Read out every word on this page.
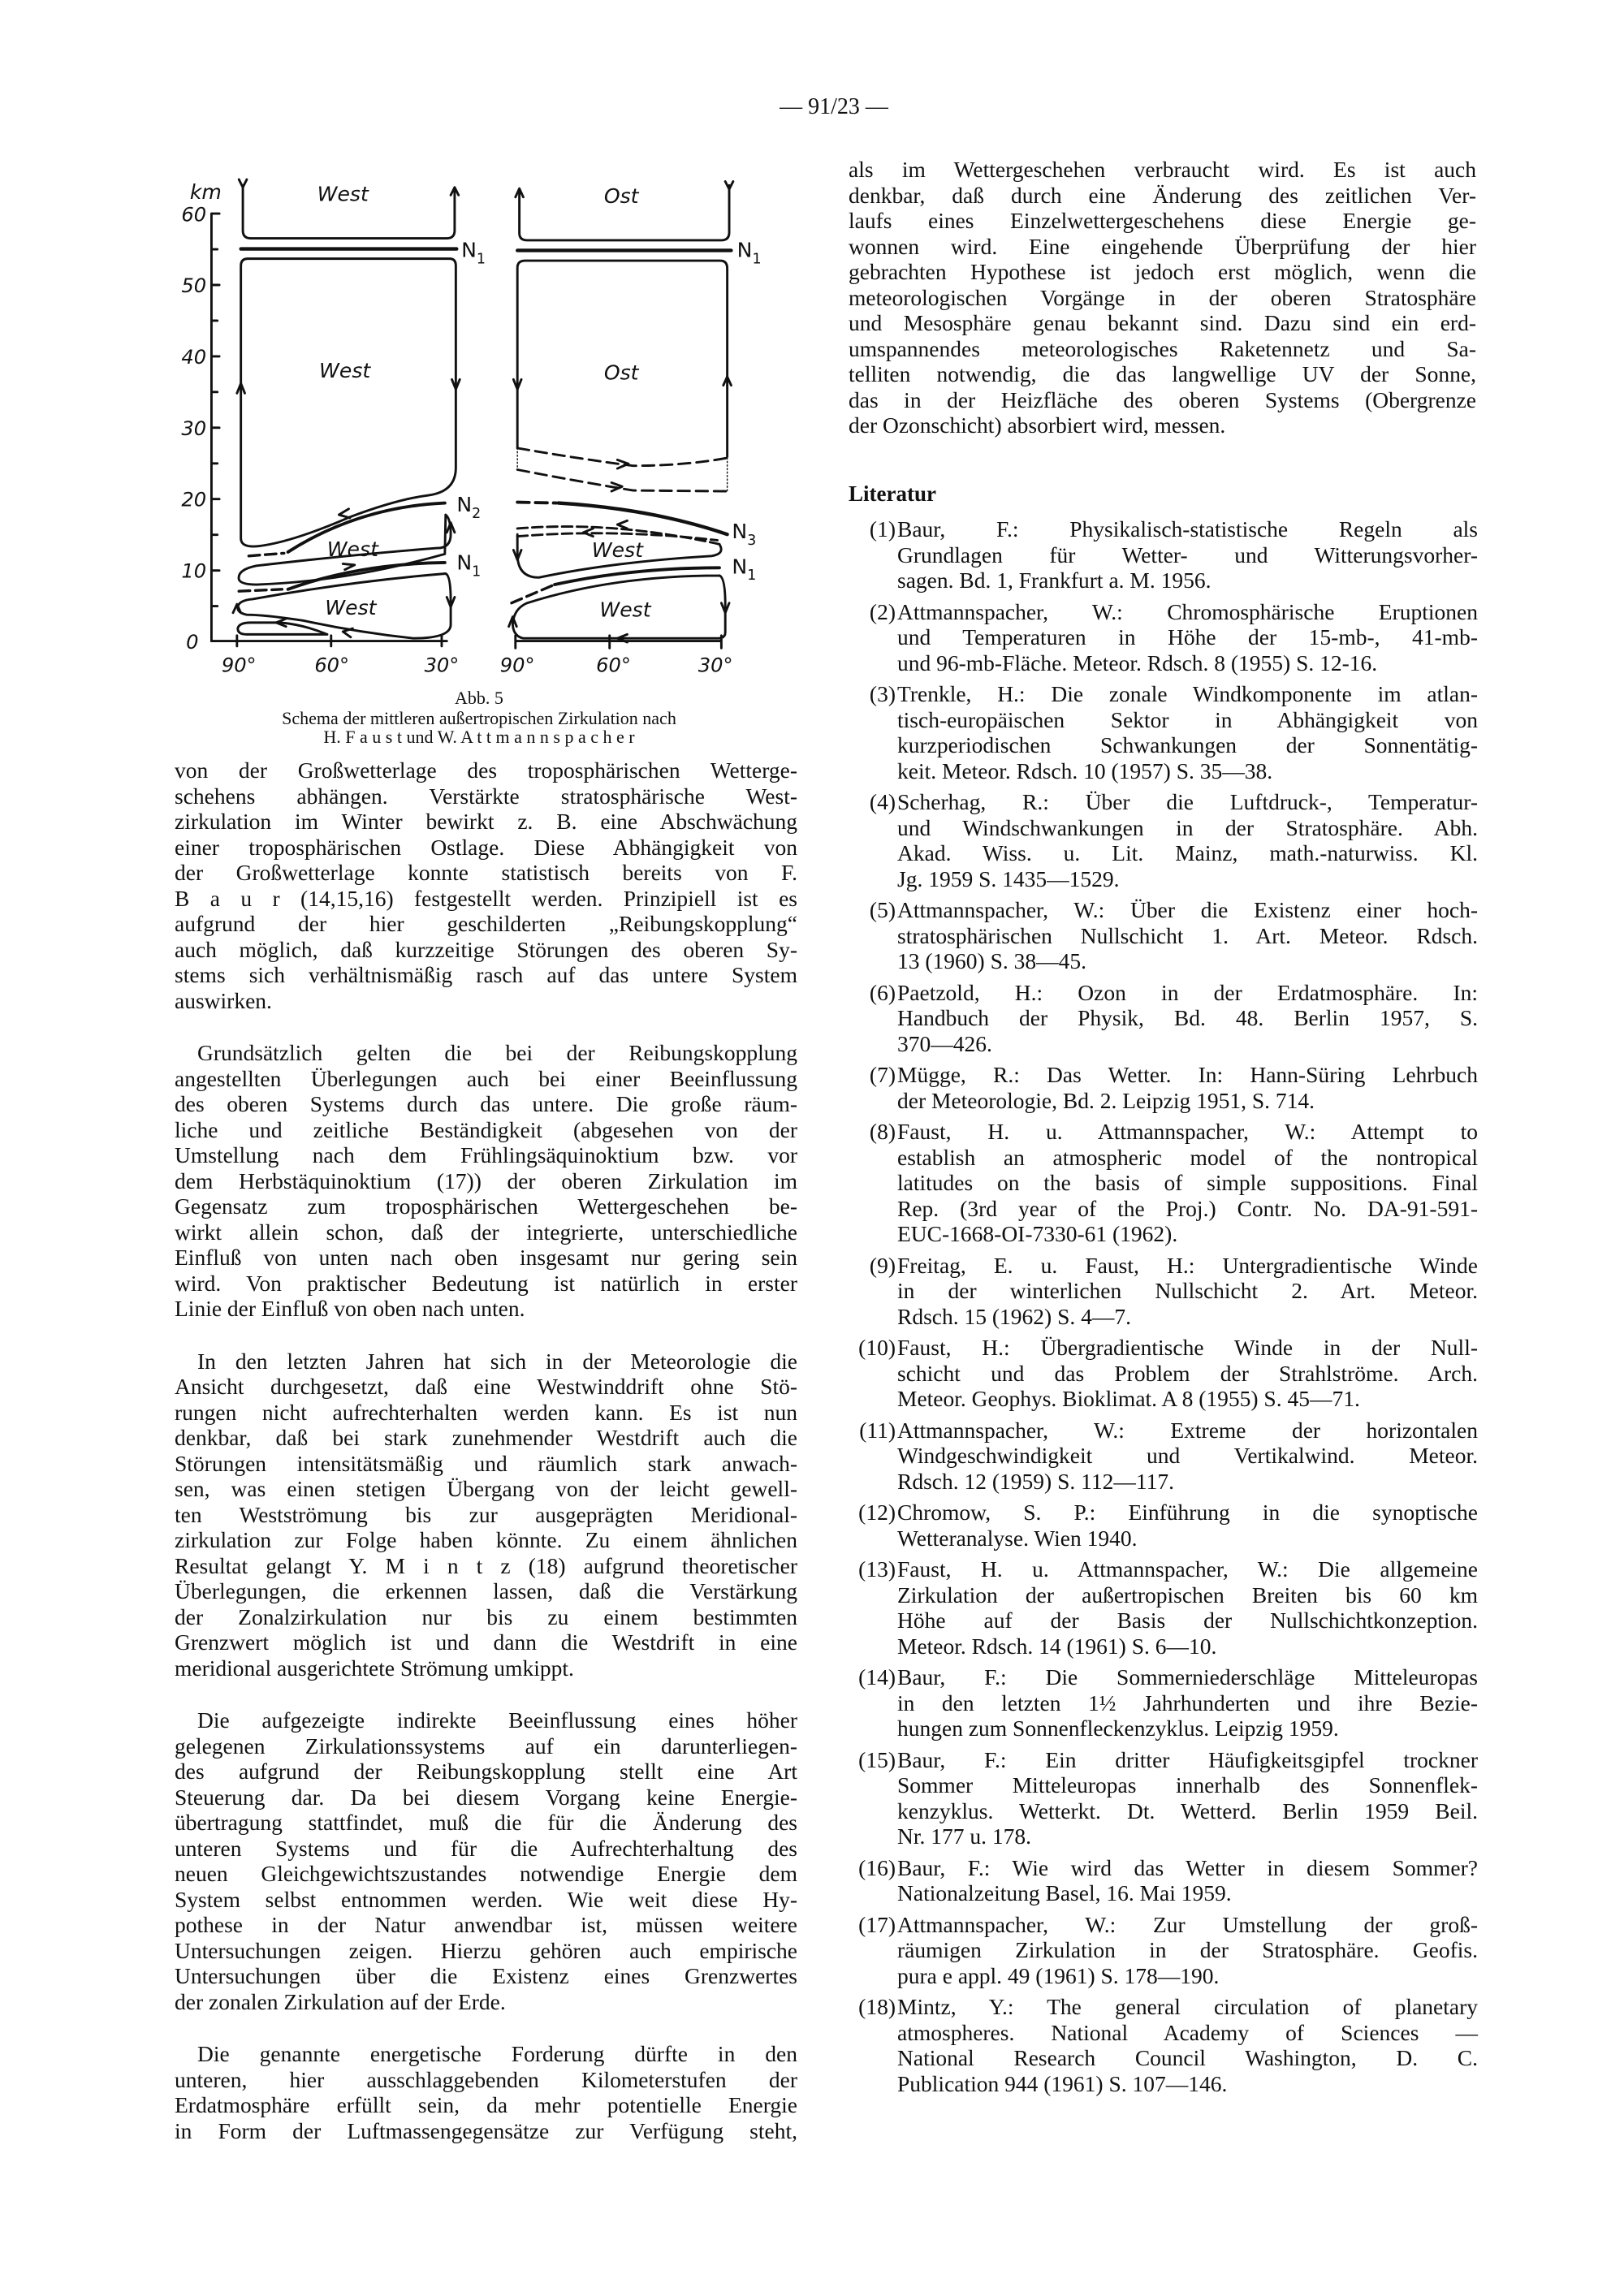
— 91/23 —
km
60
50
40
30
20
10
0
90° 60° 30° 90° 60° 30°
West
West
West
West
Ost
Ost
West
West
$N_1$	$N_1$
$N_2$
$N_1$
$N_3$
$N_1$
Abb. 5
Schema der mittleren außertropischen Zirkulation nach
H. F a u s t und W. A t t m a n n s p a c h e r
von der Großwetterlage des troposphärischen Wetterge-
schehens abhängen. Verstärkte stratosphärische West-
zirkulation im Winter bewirkt z. B. eine Abschwächung
einer troposphärischen Ostlage. Diese Abhängigkeit von
der Großwetterlage konnte statistisch bereits von F.
B a u r (14,15,16) festgestellt werden. Prinzipiell ist es
aufgrund der hier geschilderten „Reibungskopplung“
auch möglich, daß kurzzeitige Störungen des oberen Sy-
stems sich verhältnismäßig rasch auf das untere System
auswirken.
Grundsätzlich gelten die bei der Reibungskopplung
angestellten Überlegungen auch bei einer Beeinflussung
des oberen Systems durch das untere. Die große räum-
liche und zeitliche Beständigkeit (abgesehen von der
Umstellung nach dem Frühlingsäquinoktium bzw. vor
dem Herbstäquinoktium (17)) der oberen Zirkulation im
Gegensatz zum troposphärischen Wettergeschehen be-
wirkt allein schon, daß der integrierte, unterschiedliche
Einfluß von unten nach oben insgesamt nur gering sein
wird. Von praktischer Bedeutung ist natürlich in erster
Linie der Einfluß von oben nach unten.
In den letzten Jahren hat sich in der Meteorologie die
Ansicht durchgesetzt, daß eine Westwinddrift ohne Stö-
rungen nicht aufrechterhalten werden kann. Es ist nun
denkbar, daß bei stark zunehmender Westdrift auch die
Störungen intensitätsmäßig und räumlich stark anwach-
sen, was einen stetigen Übergang von der leicht gewell-
ten Westströmung bis zur ausgeprägten Meridional-
zirkulation zur Folge haben könnte. Zu einem ähnlichen
Resultat gelangt Y. M i n t z (18) aufgrund theoretischer
Überlegungen, die erkennen lassen, daß die Verstärkung
der Zonalzirkulation nur bis zu einem bestimmten
Grenzwert möglich ist und dann die Westdrift in eine
meridional ausgerichtete Strömung umkippt.
Die aufgezeigte indirekte Beeinflussung eines höher
gelegenen Zirkulationssystems auf ein darunterliegen-
des aufgrund der Reibungskopplung stellt eine Art
Steuerung dar. Da bei diesem Vorgang keine Energie-
übertragung stattfindet, muß die für die Änderung des
unteren Systems und für die Aufrechterhaltung des
neuen Gleichgewichtszustandes notwendige Energie dem
System selbst entnommen werden. Wie weit diese Hy-
pothese in der Natur anwendbar ist, müssen weitere
Untersuchungen zeigen. Hierzu gehören auch empirische
Untersuchungen über die Existenz eines Grenzwertes
der zonalen Zirkulation auf der Erde.
Die genannte energetische Forderung dürfte in den
unteren, hier ausschlaggebenden Kilometerstufen der
Erdatmosphäre erfüllt sein, da mehr potentielle Energie
in Form der Luftmassengegensätze zur Verfügung steht,
als im Wettergeschehen verbraucht wird. Es ist auch
denkbar, daß durch eine Änderung des zeitlichen Ver-
laufs eines Einzelwettergeschehens diese Energie ge-
wonnen wird. Eine eingehende Überprüfung der hier
gebrachten Hypothese ist jedoch erst möglich, wenn die
meteorologischen Vorgänge in der oberen Stratosphäre
und Mesosphäre genau bekannt sind. Dazu sind ein erd-
umspannendes meteorologisches Raketennetz und Sa-
telliten notwendig, die das langwellige UV der Sonne,
das in der Heizfläche des oberen Systems (Obergrenze
der Ozonschicht) absorbiert wird, messen.
Literatur
(1) Baur, F.: Physikalisch-statistische Regeln als
Grundlagen für Wetter- und Witterungsvorher-
sagen. Bd. 1, Frankfurt a. M. 1956.
(2) Attmannspacher, W.: Chromosphärische Eruptionen
und Temperaturen in Höhe der 15-mb-, 41-mb-
und 96-mb-Fläche. Meteor. Rdsch. 8 (1955) S. 12-16.
(3) Trenkle, H.: Die zonale Windkomponente im atlan-
tisch-europäischen Sektor in Abhängigkeit von
kurzperiodischen Schwankungen der Sonnentätig-
keit. Meteor. Rdsch. 10 (1957) S. 35—38.
(4) Scherhag, R.: Über die Luftdruck-, Temperatur-
und Windschwankungen in der Stratosphäre. Abh.
Akad. Wiss. u. Lit. Mainz, math.-naturwiss. Kl.
Jg. 1959 S. 1435—1529.
(5) Attmannspacher, W.: Über die Existenz einer hoch-
stratosphärischen Nullschicht 1. Art. Meteor. Rdsch.
13 (1960) S. 38—45.
(6) Paetzold, H.: Ozon in der Erdatmosphäre. In:
Handbuch der Physik, Bd. 48. Berlin 1957, S.
370—426.
(7) Mügge, R.: Das Wetter. In: Hann-Süring Lehrbuch
der Meteorologie, Bd. 2. Leipzig 1951, S. 714.
(8) Faust, H. u. Attmannspacher, W.: Attempt to
establish an atmospheric model of the nontropical
latitudes on the basis of simple suppositions. Final
Rep. (3rd year of the Proj.) Contr. No. DA-91-591-
EUC-1668-OI-7330-61 (1962).
(9) Freitag, E. u. Faust, H.: Untergradientische Winde
in der winterlichen Nullschicht 2. Art. Meteor.
Rdsch. 15 (1962) S. 4—7.
(10) Faust, H.: Übergradientische Winde in der Null-
schicht und das Problem der Strahlströme. Arch.
Meteor. Geophys. Bioklimat. A 8 (1955) S. 45—71.
(11) Attmannspacher, W.: Extreme der horizontalen
Windgeschwindigkeit und Vertikalwind. Meteor.
Rdsch. 12 (1959) S. 112—117.
(12) Chromow, S. P.: Einführung in die synoptische
Wetteranalyse. Wien 1940.
(13) Faust, H. u. Attmannspacher, W.: Die allgemeine
Zirkulation der außertropischen Breiten bis 60 km
Höhe auf der Basis der Nullschichtkonzeption.
Meteor. Rdsch. 14 (1961) S. 6—10.
(14) Baur, F.: Die Sommerniederschläge Mitteleuropas
in den letzten 1½ Jahrhunderten und ihre Bezie-
hungen zum Sonnenfleckenzyklus. Leipzig 1959.
(15) Baur, F.: Ein dritter Häufigkeitsgipfel trockner
Sommer Mitteleuropas innerhalb des Sonnenflek-
kenzyklus. Wetterkt. Dt. Wetterd. Berlin 1959 Beil.
Nr. 177 u. 178.
(16) Baur, F.: Wie wird das Wetter in diesem Sommer?
Nationalzeitung Basel, 16. Mai 1959.
(17) Attmannspacher, W.: Zur Umstellung der groß-
räumigen Zirkulation in der Stratosphäre. Geofis.
pura e appl. 49 (1961) S. 178—190.
(18) Mintz, Y.: The general circulation of planetary
atmospheres. National Academy of Sciences —
National Research Council Washington, D. C.
Publication 944 (1961) S. 107—146.
